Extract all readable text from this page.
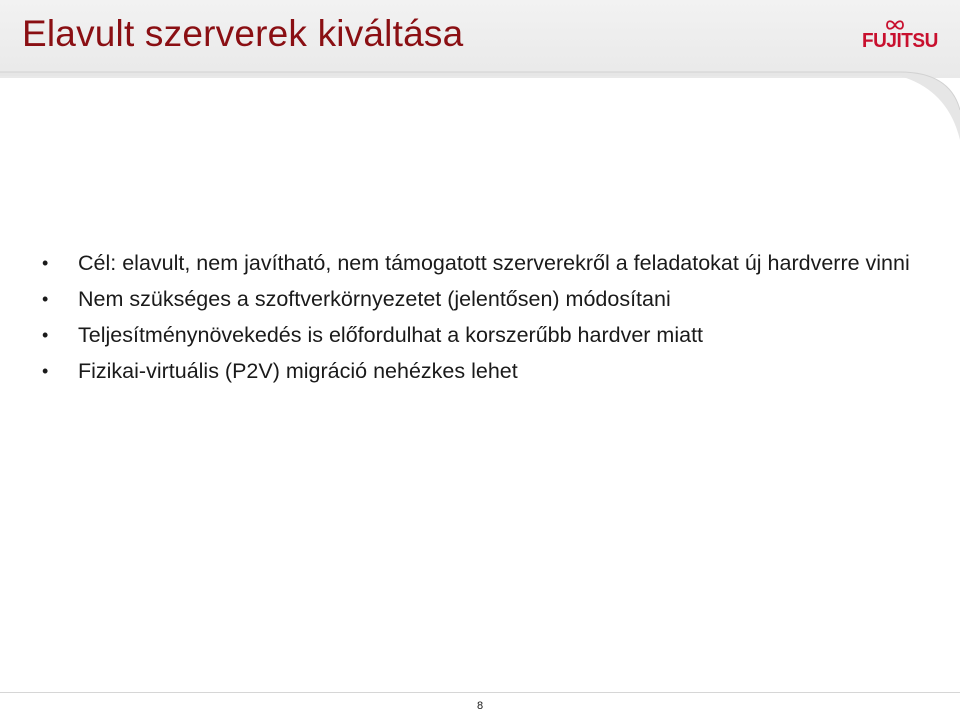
Elavult szerverek kiváltása	FUJITSU
• Cél: elavult, nem javítható, nem támogatott szerverekről a feladatokat új hardverre vinni
• Nem szükséges a szoftverkörnyezetet (jelentősen) módosítani
• Teljesítménynövekedés is előfordulhat a korszerűbb hardver miatt
• Fizikai-virtuális (P2V) migráció nehézkes lehet
8
